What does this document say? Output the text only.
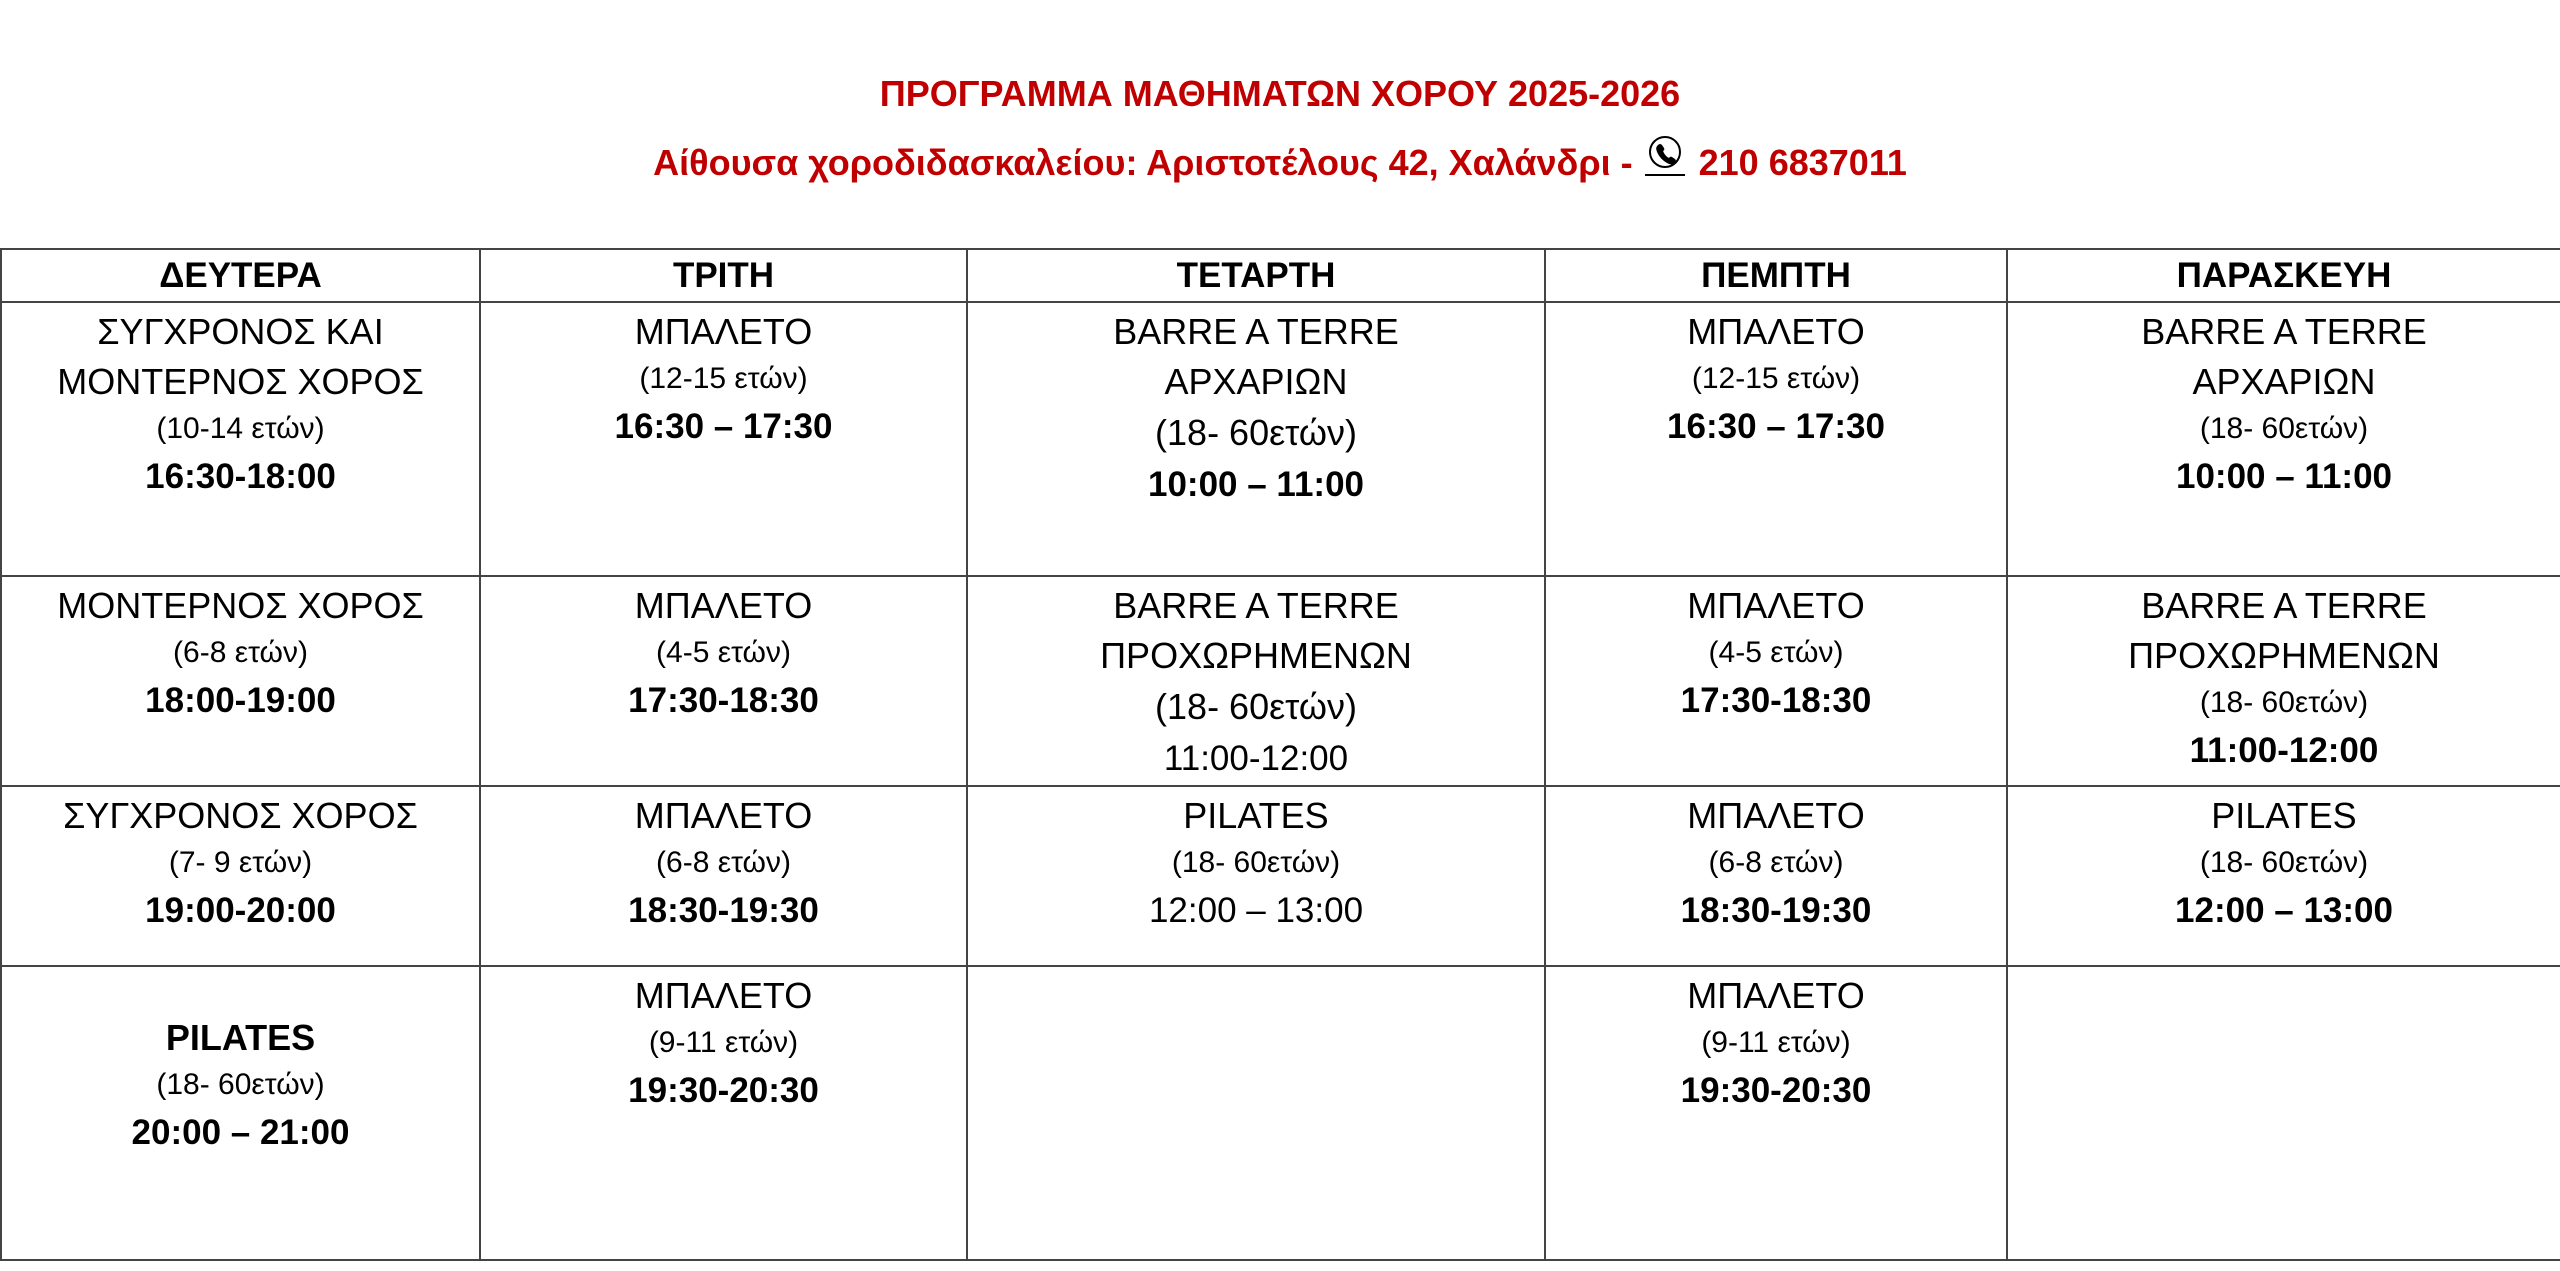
ΠΡΟΓΡΑΜΜΑ ΜΑΘΗΜΑΤΩΝ ΧΟΡΟΥ 2025-2026
Αίθουσα χοροδιδασκαλείου: Αριστοτέλους 42, Χαλάνδρι - 210 6837011
ΔΕΥΤΕΡΑ	ΤΡΙΤΗ	ΤΕΤΑΡΤΗ	ΠΕΜΠΤΗ	ΠΑΡΑΣΚΕΥΗ

ΣΥΓΧΡΟΝΟΣ ΚΑΙ
ΜΟΝΤΕΡΝΟΣ ΧΟΡΟΣ
(10-14 ετών)
16:30-18:00	ΜΠΑΛΕΤΟ
(12-15 ετών)
16:30 – 17:30	BARRE A TERRE
ΑΡΧΑΡΙΩΝ
(18- 60ετών)
10:00 – 11:00	ΜΠΑΛΕΤΟ
(12-15 ετών)
16:30 – 17:30	BARRE A TERRE
ΑΡΧΑΡΙΩΝ
(18- 60ετών)
10:00 – 11:00

ΜΟΝΤΕΡΝΟΣ ΧΟΡΟΣ
(6-8 ετών)
18:00-19:00	ΜΠΑΛΕΤΟ
(4-5 ετών)
17:30-18:30	BARRE A TERRE
ΠΡΟΧΩΡΗΜΕΝΩΝ
(18- 60ετών)
11:00-12:00	ΜΠΑΛΕΤΟ
(4-5 ετών)
17:30-18:30	BARRE A TERRE
ΠΡΟΧΩΡΗΜΕΝΩΝ
(18- 60ετών)
11:00-12:00

ΣΥΓΧΡΟΝΟΣ ΧΟΡΟΣ
(7- 9 ετών)
19:00-20:00	ΜΠΑΛΕΤΟ
(6-8 ετών)
18:30-19:30	PILATES
(18- 60ετών)
12:00 – 13:00	ΜΠΑΛΕΤΟ
(6-8 ετών)
18:30-19:30	PILATES
(18- 60ετών)
12:00 – 13:00

PILATES
(18- 60ετών)
20:00 – 21:00	ΜΠΑΛΕΤΟ
(9-11 ετών)
19:30-20:30		ΜΠΑΛΕΤΟ
(9-11 ετών)
19:30-20:30	
